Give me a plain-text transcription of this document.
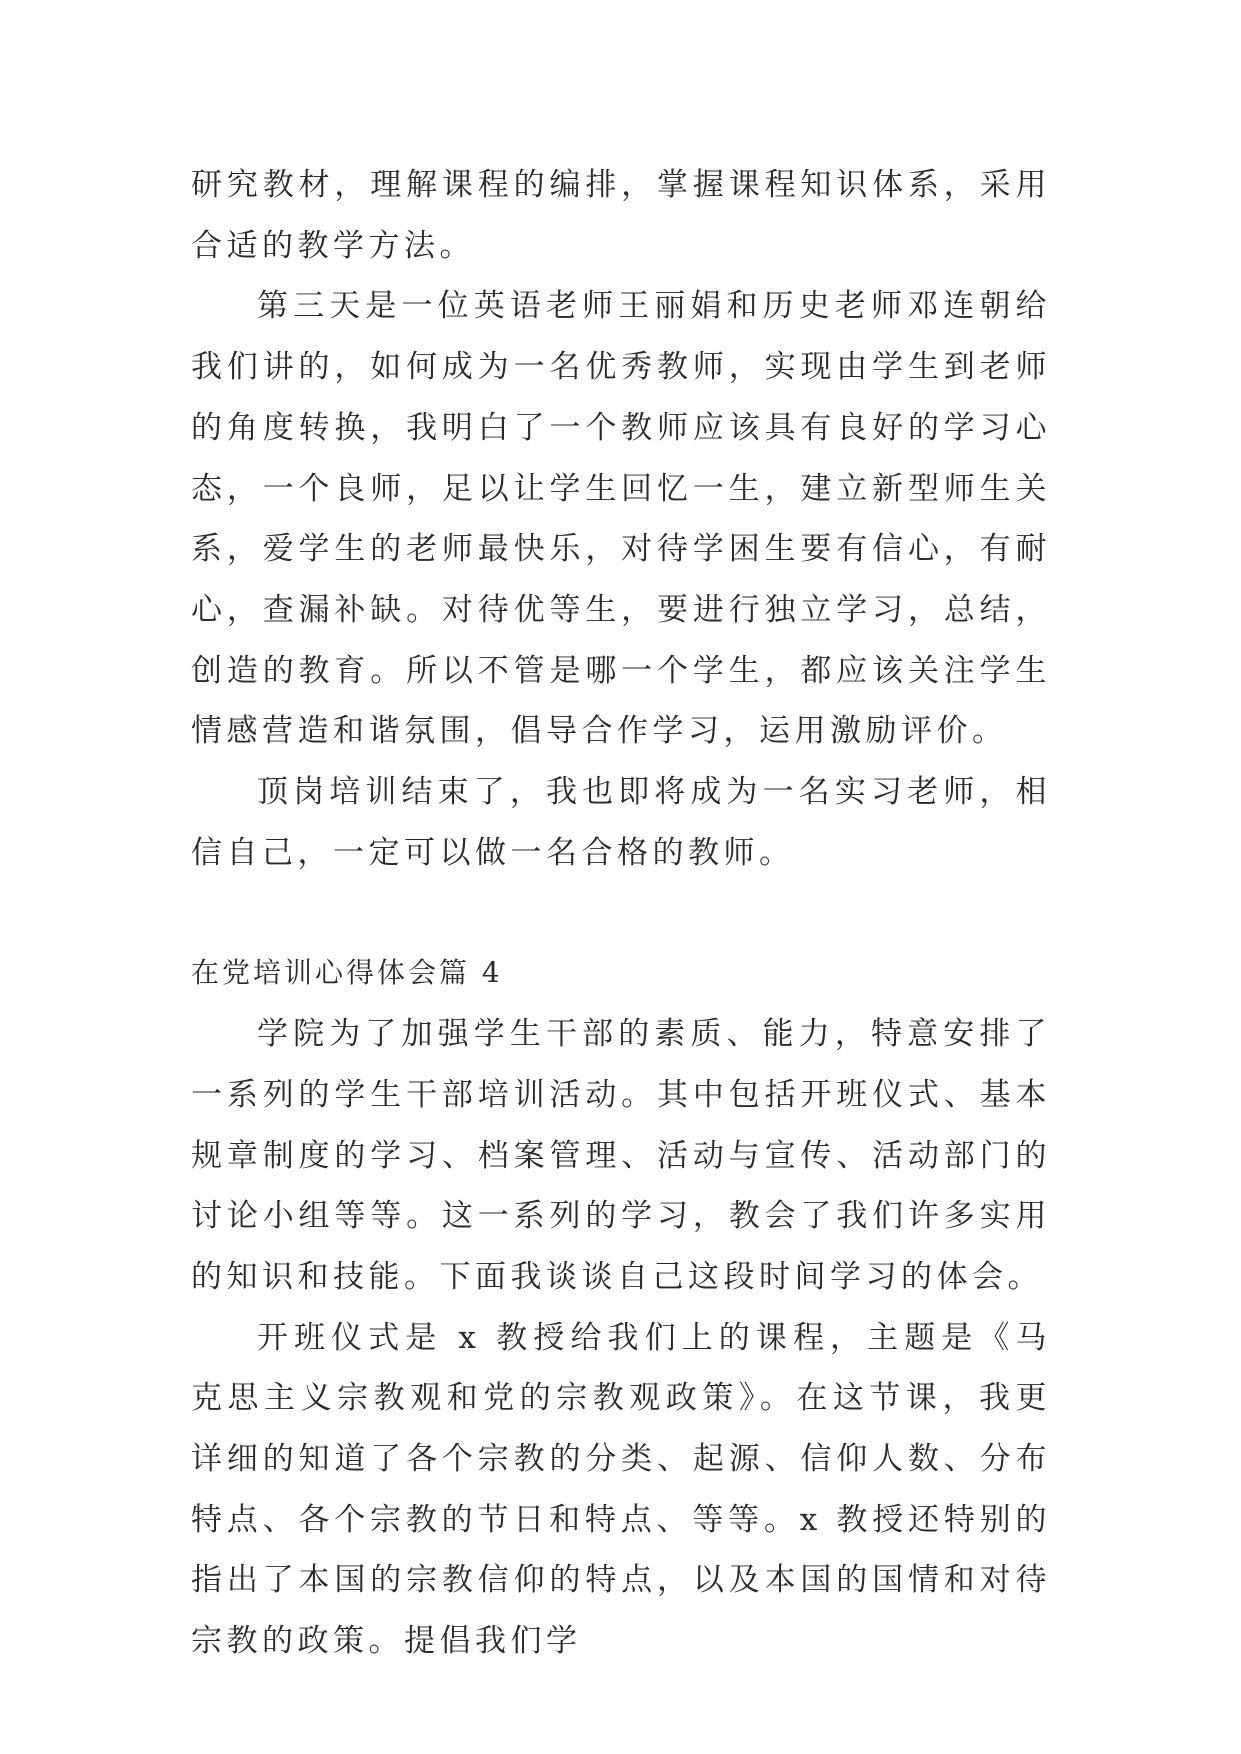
研究教材，理解课程的编排，掌握课程知识体系，采用合适的教学方法。

第三天是一位英语老师王丽娟和历史老师邓连朝给我们讲的，如何成为一名优秀教师，实现由学生到老师的角度转换，我明白了一个教师应该具有良好的学习心态，一个良师，足以让学生回忆一生，建立新型师生关系，爱学生的老师最快乐，对待学困生要有信心，有耐心，查漏补缺。对待优等生，要进行独立学习，总结，创造的教育。所以不管是哪一个学生，都应该关注学生情感营造和谐氛围，倡导合作学习，运用激励评价。

顶岗培训结束了，我也即将成为一名实习老师，相信自己，一定可以做一名合格的教师。

在党培训心得体会篇 4

学院为了加强学生干部的素质、能力，特意安排了一系列的学生干部培训活动。其中包括开班仪式、基本规章制度的学习、档案管理、活动与宣传、活动部门的讨论小组等等。这一系列的学习，教会了我们许多实用的知识和技能。下面我谈谈自己这段时间学习的体会。

开班仪式是 x 教授给我们上的课程，主题是《马克思主义宗教观和党的宗教观政策》。在这节课，我更详细的知道了各个宗教的分类、起源、信仰人数、分布特点、各个宗教的节日和特点、等等。x 教授还特别的指出了本国的宗教信仰的特点，以及本国的国情和对待宗教的政策。提倡我们学
